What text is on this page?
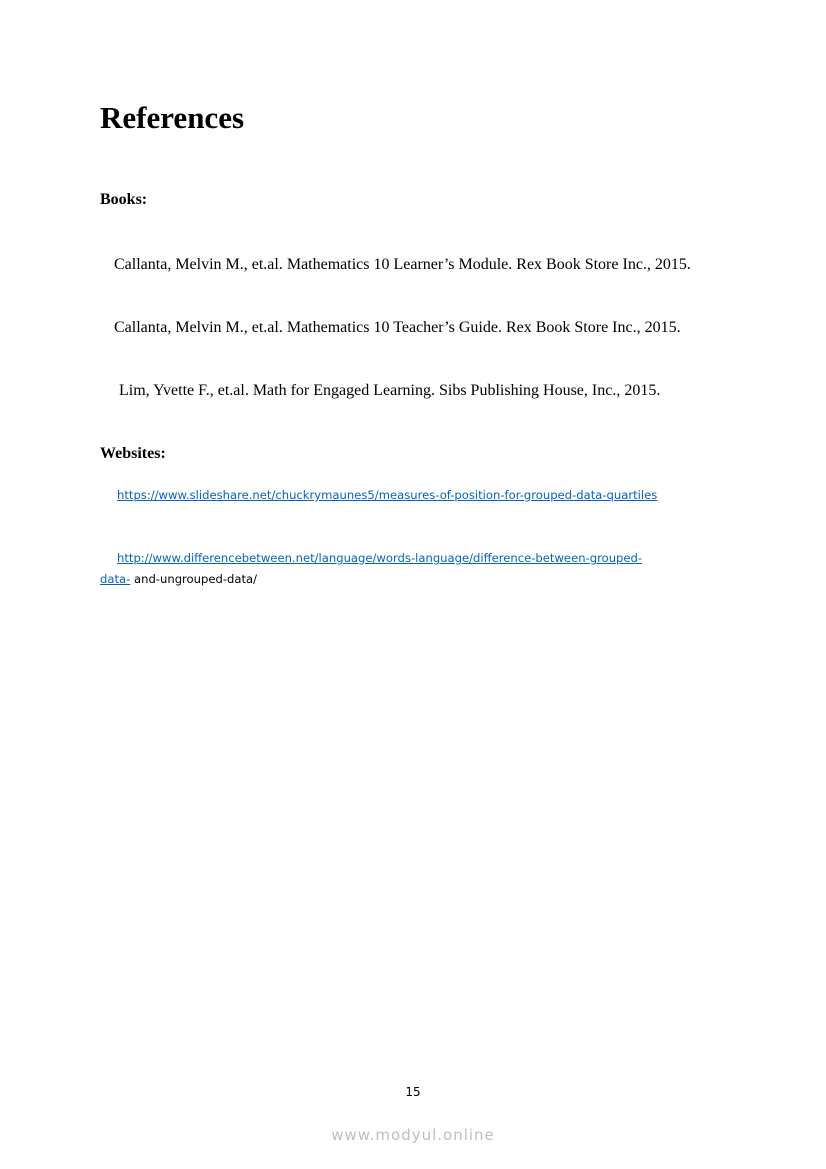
References
Books:

Callanta, Melvin M., et.al. Mathematics 10 Learner’s Module. Rex Book Store Inc., 2015.

Callanta, Melvin M., et.al. Mathematics 10 Teacher’s Guide. Rex Book Store Inc., 2015.

Lim, Yvette F., et.al. Math for Engaged Learning. Sibs Publishing House, Inc., 2015.

Websites:

https://www.slideshare.net/chuckrymaunes5/measures-of-position-for-grouped-data-quartiles

http://www.differencebetween.net/language/words-language/difference-between-grouped-

data- and-ungrouped-data/

15
www.modyul.online
